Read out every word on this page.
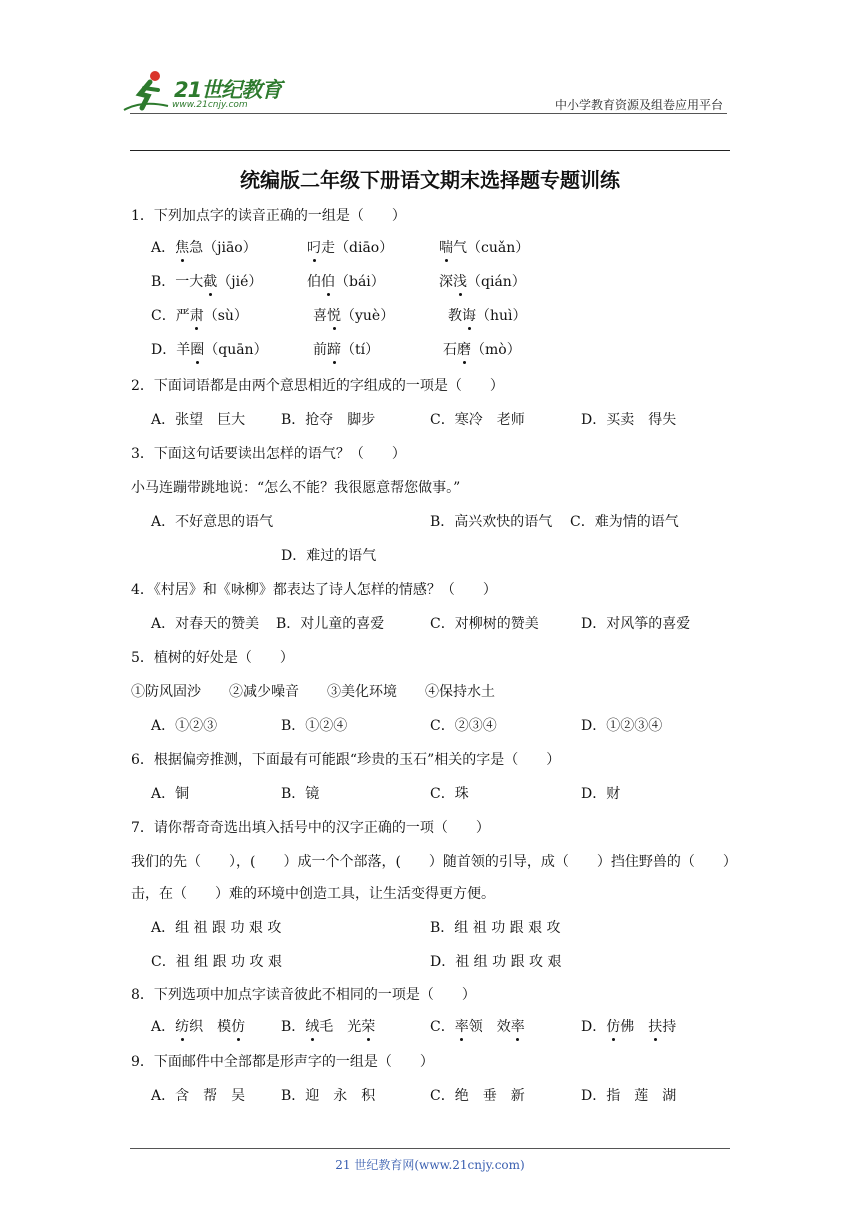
21世纪教育
www.21cnjy.com	中小学教育资源及组卷应用平台
统编版二年级下册语文期末选择题专题训练
1．下列加点字的读音正确的一组是（　　）
A．焦急（jiāo）	叼走（diāo）	喘气（cuǎn）
B．一大截（jié）	伯伯（bái）	深浅（qián）
C．严肃（sù）	喜悦（yuè）	教诲（huì）
D．羊圈（quān）	前蹄（tí）	石磨（mò）
2．下面词语都是由两个意思相近的字组成的一项是（　　）
A．张望　巨大	B．抢夺　脚步	C．寒冷　老师	D．买卖　得失
3．下面这句话要读出怎样的语气？（　　）
小马连蹦带跳地说：“怎么不能？我很愿意帮您做事。”
A．不好意思的语气	B．高兴欢快的语气 C．难为情的语气
D．难过的语气
4．《村居》和《咏柳》都表达了诗人怎样的情感？（　　）
A．对春天的赞美 B．对儿童的喜爱	C．对柳树的赞美	D．对风筝的喜爱
5．植树的好处是（　　）
①防风固沙　　②减少噪音　　③美化环境　　④保持水土
A．①②③	B．①②④	C．②③④	D．①②③④
6．根据偏旁推测，下面最有可能跟“珍贵的玉石”相关的字是（　　）
A．铜	B．镜	C．珠	D．财
7．请你帮奇奇选出填入括号中的汉字正确的一项（　　）
我们的先（　　），(　　）成一个个部落，(　　）随首领的引导，成（　　）挡住野兽的（　　）
击，在（　　）难的环境中创造工具，让生活变得更方便。
A．组 祖 跟 功 艰 攻	B．组 祖 功 跟 艰 攻
C．祖 组 跟 功 攻 艰	D．祖 组 功 跟 攻 艰
8．下列选项中加点字读音彼此不相同的一项是（　　）
A．纺织　模仿	B．绒毛　光荣	C．率领　效率	D．仿佛　扶持
9．下面邮件中全部都是形声字的一组是（　　）
A．含　帮　吴	B．迎　永　积	C．绝　垂　新	D．指　莲　湖
21 世纪教育网(www.21cnjy.com)
